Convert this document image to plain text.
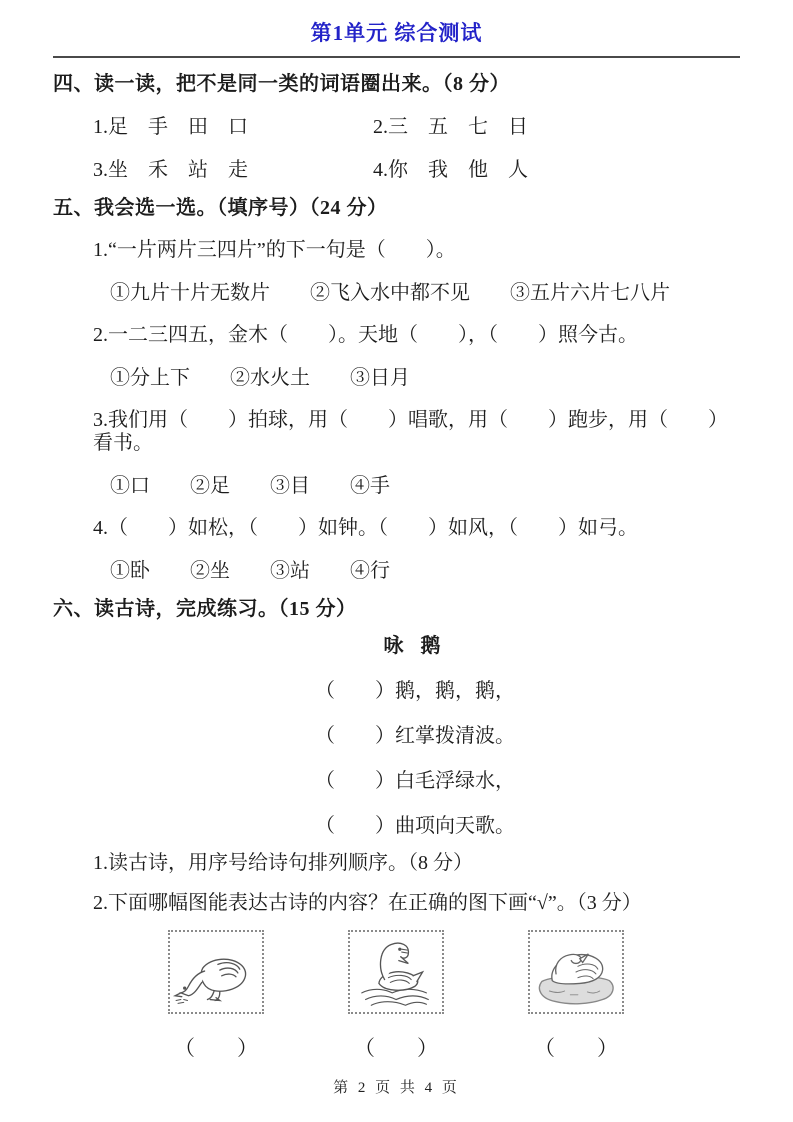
第1单元 综合测试
四、读一读，把不是同一类的词语圈出来。（8 分）
1.足　手　田　口	2.三　五　七　日
3.坐　禾　站　走	4.你　我　他　人
五、我会选一选。（填序号）（24 分）
1.“一片两片三四片”的下一句是（　　）。
①九片十片无数片　　②飞入水中都不见　　③五片六片七八片
2.一二三四五，金木（　　）。天地（　　），（　　）照今古。
①分上下　　②水火土　　③日月
3.我们用（　　）拍球，用（　　）唱歌，用（　　）跑步，用（　　）看书。
①口　　②足　　③目　　④手
4.（　　）如松，（　　）如钟。（　　）如风，（　　）如弓。
①卧　　②坐　　③站　　④行
六、读古诗，完成练习。（15 分）
咏 鹅
（　　）鹅，鹅，鹅，
（　　）红掌拨清波。
（　　）白毛浮绿水，
（　　）曲项向天歌。
1.读古诗，用序号给诗句排列顺序。（8 分）
2.下面哪幅图能表达古诗的内容？在正确的图下画“√”。（3 分）
（　　）	（　　）	（　　）
第 2 页 共 4 页
